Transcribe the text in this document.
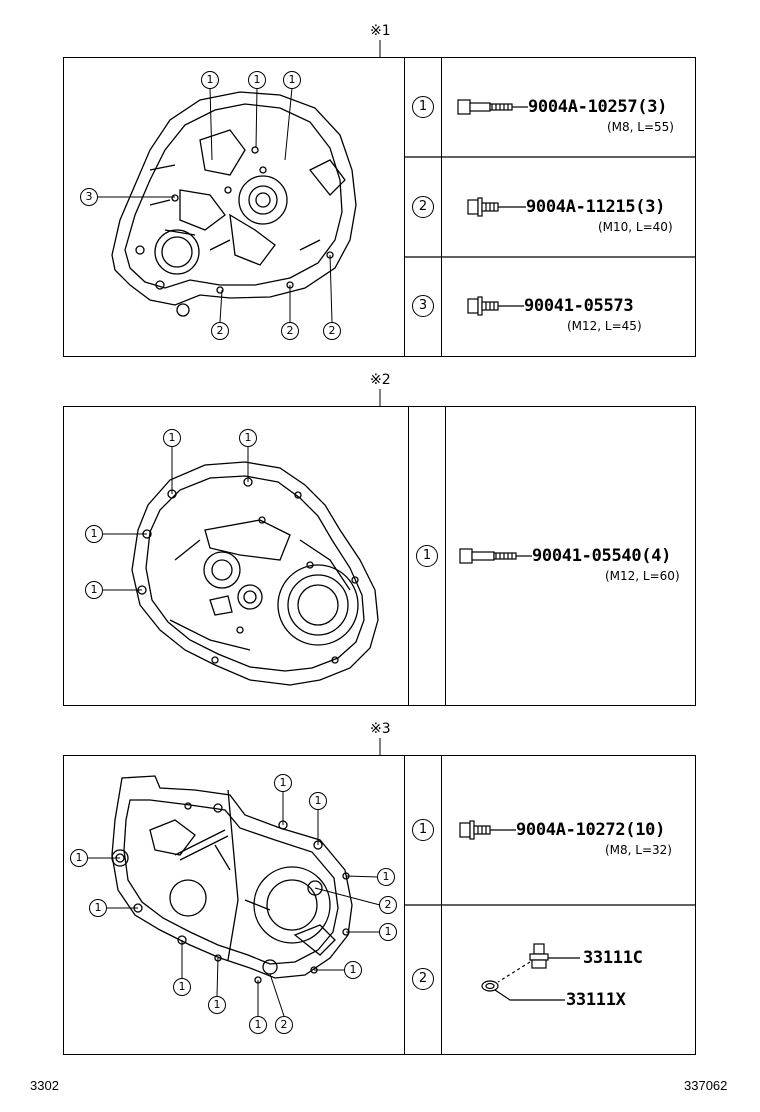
※1
1	1	1
3
2	2	2
1	9004A-10257(3)
(M8, L=55)
2	9004A-11215(3)
(M10, L=40)
3	90041-05573
(M12, L=45)
※2
1	1
1
1
1	90041-05540(4)
(M12, L=60)
※3
1
1
1
1
1	2
1
1
1
1
1	2
1	9004A-10272(10)
(M8, L=32)
2
33111C
33111X
3302	337062
